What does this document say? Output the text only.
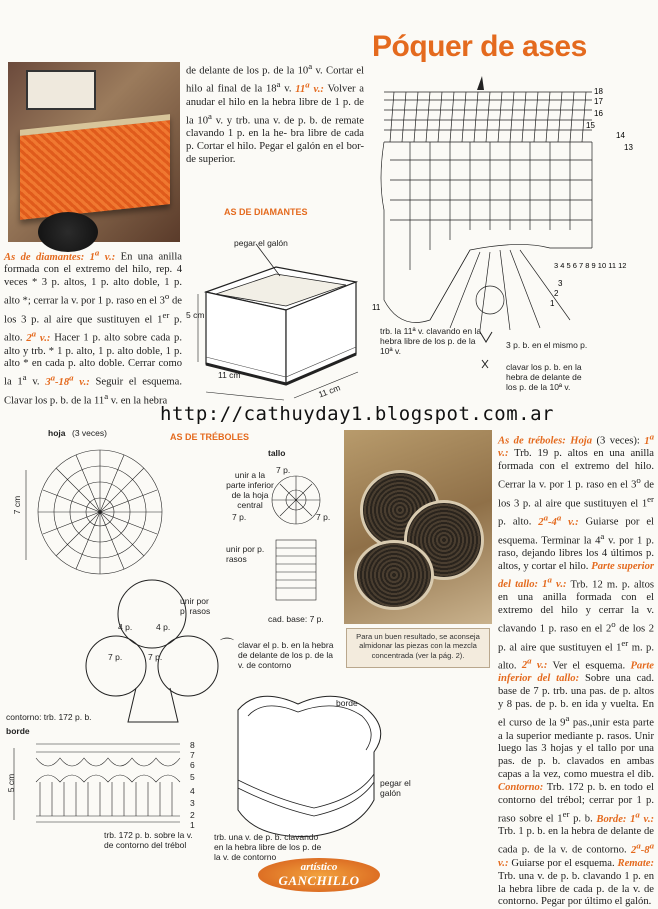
Póquer de ases
de delante de los p. de la 10$^a$ v. Cortar el hilo al final de la 18$^a$ v. 11$^a$ v.: Volver a anudar el hilo en la hebra libre de 1 p. de la 10$^a$ v. y trb. una v. de p. b. de remate clavando 1 p. en la he- bra libre de cada p. Cortar el hilo. Pegar el galón en el bor- de superior.
AS DE DIAMANTES
pegar el galón
5 cm
11 cm
11 cm
As de diamantes: 1$^a$ v.: En una anilla formada con el extremo del hilo, rep. 4 veces * 3 p. altos, 1 p. alto doble, 1 p. alto *; cerrar la v. por 1 p. raso en el 3$^o$ de los 3 p. al aire que sustituyen el 1er p. alto. 2$^a$ v.: Hacer 1 p. alto sobre cada p. alto y trb. * 1 p. alto, 1 p. alto doble, 1 p. alto * en cada p. alto doble. Cerrar como la 1$^a$ v. 3$^a$-18$^a$ v.: Seguir el esquema. Clavar los p. b. de la 11$^a$ v. en la hebra
18
17
16
15
14
13
3 4 5 6 7 8 9 10 11 12
3
2
1
11
trb. la 11ª v. clavando en la hebra libre de los p. de la 10ª v.
3 p. b. en el mismo p.
clavar los p. b. en la hebra de delante de los p. de la 10ª v.
http://cathuyday1.blogspot.com.ar
AS DE TRÉBOLES
hoja (3 veces)
7 cm
tallo
unir a la parte inferior de la hoja central
7 p.
7 p.	7 p.
unir por p. rasos
cad. base: 7 p.
unir por
p. rasos
4 p.	4 p.
7 p.	7 p.
⌒ clavar el p. b. en la hebra de delante de los p. de la v. de contorno
contorno: trb. 172 p. b.
borde
5 cm
8
7
6
5
4
3
2
1
trb. 172 p. b. sobre la v. de contorno del trébol
borde
pegar el galón
trb. una v. de p. b. clavando en la hebra libre de los p. de la v. de contorno
Para un buen resultado, se aconseja almidonar las piezas con la mezcla concentrada (ver la pág. 2).
As de tréboles: Hoja (3 veces): 1$^a$ v.: Trb. 19 p. altos en una anilla formada con el extremo del hilo. Cerrar la v. por 1 p. raso en el 3$^o$ de los 3 p. al aire que sustituyen el 1er p. alto. 2$^a$-4$^a$ v.: Guiarse por el esquema. Terminar la 4$^a$ v. por 1 p. raso, dejando libres los 4 últimos p. altos, y cortar el hilo. Parte superior del tallo: 1$^a$ v.: Trb. 12 m. p. altos en una anilla formada con el extremo del hilo y cerrar la v. clavando 1 p. raso en el 2$^o$ de los 2 p. al aire que sustituyen el 1er m. p. alto. 2$^a$ v.: Ver el esquema. Parte inferior del tallo: Sobre una cad. base de 7 p. trb. una pas. de p. altos y 8 pas. de p. b. en ida y vuelta. En el curso de la 9$^a$ pas.,unir esta parte a la superior mediante p. rasos. Unir luego las 3 hojas y el tallo por una pas. de p. b. clavados en ambas capas a la vez, como muestra el dib. Contorno: Trb. 172 p. b. en todo el contorno del trébol; cerrar por 1 p. raso sobre el 1er p. b. Borde: 1$^a$ v.: Trb. 1 p. b. en la hebra de delante de cada p. de la v. de contorno. 2$^a$-8$^a$ v.: Guiarse por el esquema. Remate: Trb. una v. de p. b. clavando 1 p. en la hebra libre de cada p. de la v. de contorno. Pegar por último el galón.
artístico
GANCHILLO
